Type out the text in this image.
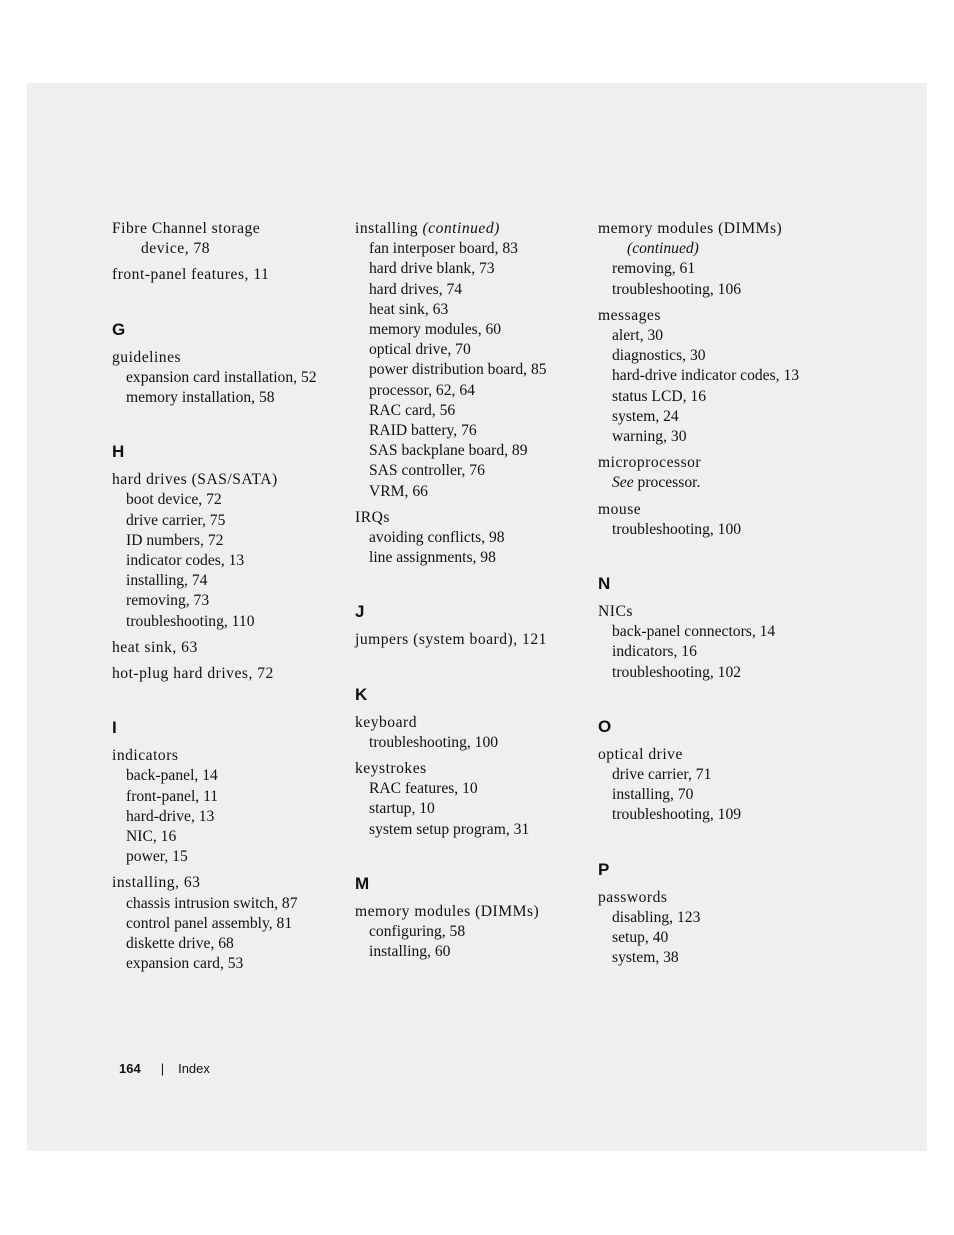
Fibre Channel storage
device, 78
front-panel features, 11
G
guidelines
expansion card installation, 52
memory installation, 58
H
hard drives (SAS/SATA)
boot device, 72
drive carrier, 75
ID numbers, 72
indicator codes, 13
installing, 74
removing, 73
troubleshooting, 110
heat sink, 63
hot-plug hard drives, 72
I
indicators
back-panel, 14
front-panel, 11
hard-drive, 13
NIC, 16
power, 15
installing, 63
chassis intrusion switch, 87
control panel assembly, 81
diskette drive, 68
expansion card, 53
installing (continued)
fan interposer board, 83
hard drive blank, 73
hard drives, 74
heat sink, 63
memory modules, 60
optical drive, 70
power distribution board, 85
processor, 62, 64
RAC card, 56
RAID battery, 76
SAS backplane board, 89
SAS controller, 76
VRM, 66
IRQs
avoiding conflicts, 98
line assignments, 98
J
jumpers (system board), 121
K
keyboard
troubleshooting, 100
keystrokes
RAC features, 10
startup, 10
system setup program, 31
M
memory modules (DIMMs)
configuring, 58
installing, 60
memory modules (DIMMs)
(continued)
removing, 61
troubleshooting, 106
messages
alert, 30
diagnostics, 30
hard-drive indicator codes, 13
status LCD, 16
system, 24
warning, 30
microprocessor
See processor.
mouse
troubleshooting, 100
N
NICs
back-panel connectors, 14
indicators, 16
troubleshooting, 102
O
optical drive
drive carrier, 71
installing, 70
troubleshooting, 109
P
passwords
disabling, 123
setup, 40
system, 38
164 | Index
